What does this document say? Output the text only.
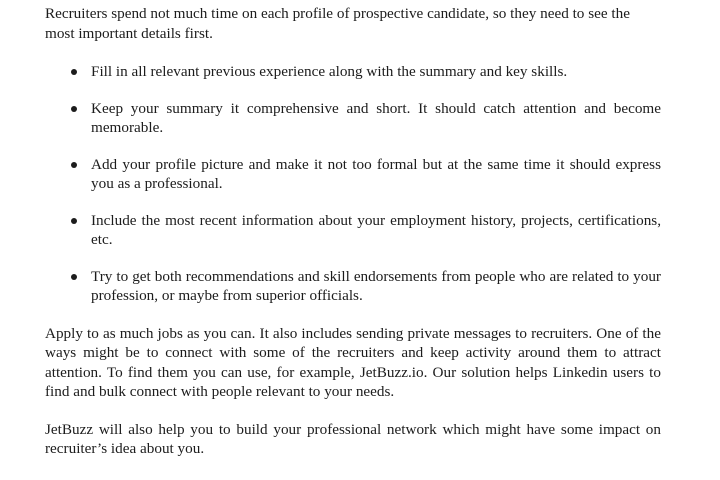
Recruiters spend not much time on each profile of prospective candidate, so they need to see the most important details first.

Fill in all relevant previous experience along with the summary and key skills.
Keep your summary it comprehensive and short. It should catch attention and become memorable.
Add your profile picture and make it not too formal but at the same time it should express you as a professional.
Include the most recent information about your employment history, projects, certifications, etc.
Try to get both recommendations and skill endorsements from people who are related to your profession, or maybe from superior officials.

Apply to as much jobs as you can. It also includes sending private messages to recruiters. One of the ways might be to connect with some of the recruiters and keep activity around them to attract attention. To find them you can use, for example, JetBuzz.io. Our solution helps Linkedin users to find and bulk connect with people relevant to your needs.

JetBuzz will also help you to build your professional network which might have some impact on recruiter’s idea about you.
